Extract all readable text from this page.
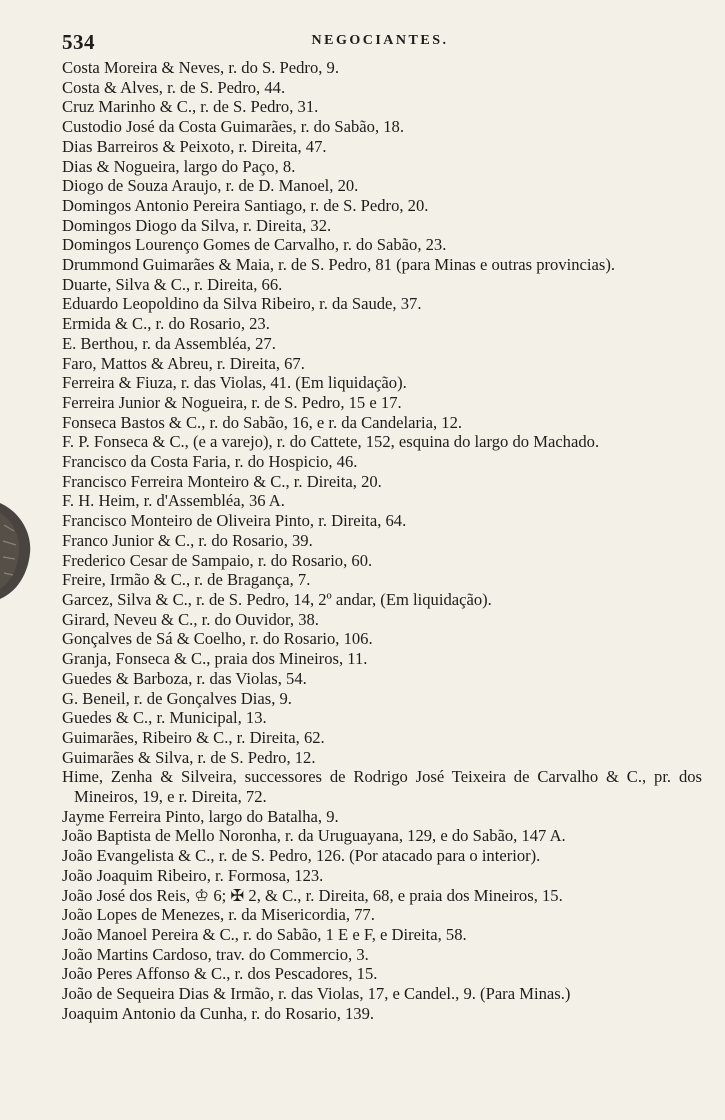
534	NEGOCIANTES.

Costa Moreira & Neves, r. do S. Pedro, 9.

Costa & Alves, r. de S. Pedro, 44.

Cruz Marinho & C., r. de S. Pedro, 31.

Custodio José da Costa Guimarães, r. do Sabão, 18.

Dias Barreiros & Peixoto, r. Direita, 47.

Dias & Nogueira, largo do Paço, 8.

Diogo de Souza Araujo, r. de D. Manoel, 20.

Domingos Antonio Pereira Santiago, r. de S. Pedro, 20.

Domingos Diogo da Silva, r. Direita, 32.

Domingos Lourenço Gomes de Carvalho, r. do Sabão, 23.

Drummond Guimarães & Maia, r. de S. Pedro, 81 (para Minas e outras provincias).

Duarte, Silva & C., r. Direita, 66.

Eduardo Leopoldino da Silva Ribeiro, r. da Saude, 37.

Ermida & C., r. do Rosario, 23.

E. Berthou, r. da Assembléa, 27.

Faro, Mattos & Abreu, r. Direita, 67.

Ferreira & Fiuza, r. das Violas, 41. (Em liquidação).

Ferreira Junior & Nogueira, r. de S. Pedro, 15 e 17.

Fonseca Bastos & C., r. do Sabão, 16, e r. da Candelaria, 12.

F. P. Fonseca & C., (e a varejo), r. do Cattete, 152, esquina do largo do Machado.

Francisco da Costa Faria, r. do Hospicio, 46.

Francisco Ferreira Monteiro & C., r. Direita, 20.

F. H. Heim, r. d'Assembléa, 36 A.

Francisco Monteiro de Oliveira Pinto, r. Direita, 64.

Franco Junior & C., r. do Rosario, 39.

Frederico Cesar de Sampaio, r. do Rosario, 60.

Freire, Irmão & C., r. de Bragança, 7.

Garcez, Silva & C., r. de S. Pedro, 14, 2º andar, (Em liquidação).

Girard, Neveu & C., r. do Ouvidor, 38.

Gonçalves de Sá & Coelho, r. do Rosario, 106.

Granja, Fonseca & C., praia dos Mineiros, 11.

Guedes & Barboza, r. das Violas, 54.

G. Beneil, r. de Gonçalves Dias, 9.

Guedes & C., r. Municipal, 13.

Guimarães, Ribeiro & C., r. Direita, 62.

Guimarães & Silva, r. de S. Pedro, 12.

Hime, Zenha & Silveira, successores de Rodrigo José Teixeira de Carvalho & C., pr. dos Mineiros, 19, e r. Direita, 72.

Jayme Ferreira Pinto, largo do Batalha, 9.

João Baptista de Mello Noronha, r. da Uruguayana, 129, e do Sabão, 147 A.

João Evangelista & C., r. de S. Pedro, 126. (Por atacado para o interior).

João Joaquim Ribeiro, r. Formosa, 123.

João José dos Reis, ♔ 6; ✠ 2, & C., r. Direita, 68, e praia dos Mineiros, 15.

João Lopes de Menezes, r. da Misericordia, 77.

João Manoel Pereira & C., r. do Sabão, 1 E e F, e Direita, 58.

João Martins Cardoso, trav. do Commercio, 3.

João Peres Affonso & C., r. dos Pescadores, 15.

João de Sequeira Dias & Irmão, r. das Violas, 17, e Candel., 9. (Para Minas.)

Joaquim Antonio da Cunha, r. do Rosario, 139.
